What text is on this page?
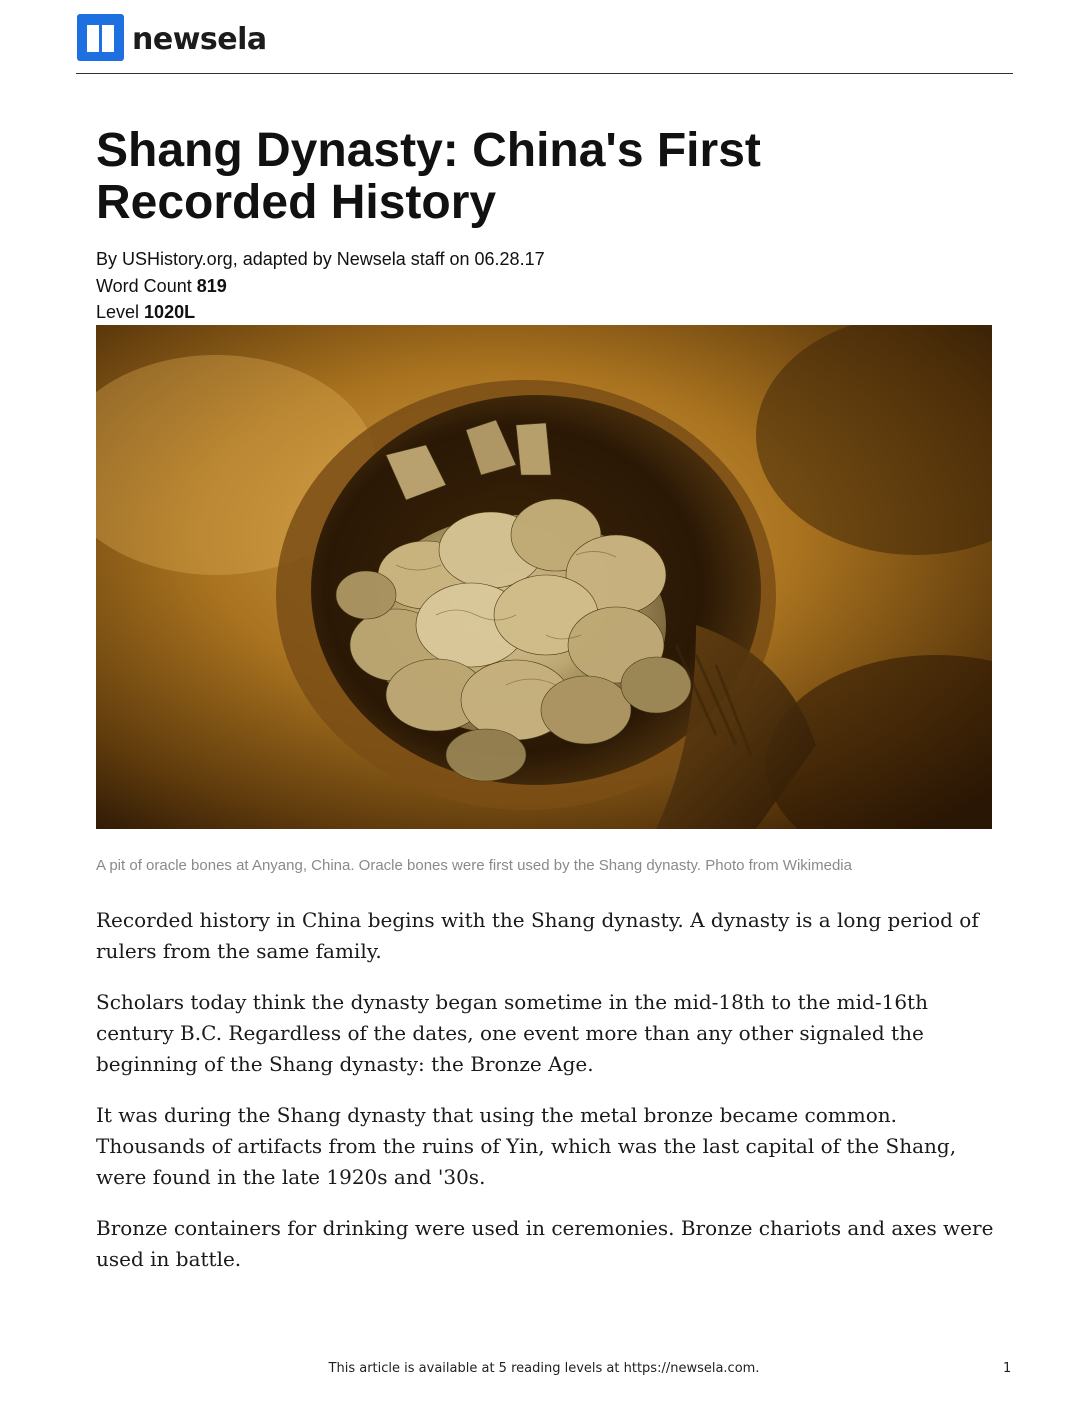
newsela
Shang Dynasty: China's First Recorded History
By USHistory.org, adapted by Newsela staff on 06.28.17
Word Count 819
Level 1020L
A pit of oracle bones at Anyang, China. Oracle bones were first used by the Shang dynasty. Photo from Wikimedia

Recorded history in China begins with the Shang dynasty. A dynasty is a long period of rulers from the same family.

Scholars today think the dynasty began sometime in the mid-18th to the mid-16th century B.C. Regardless of the dates, one event more than any other signaled the beginning of the Shang dynasty: the Bronze Age.

It was during the Shang dynasty that using the metal bronze became common. Thousands of artifacts from the ruins of Yin, which was the last capital of the Shang, were found in the late 1920s and '30s.

Bronze containers for drinking were used in ceremonies. Bronze chariots and axes were used in battle.

This article is available at 5 reading levels at https://newsela.com.	1
